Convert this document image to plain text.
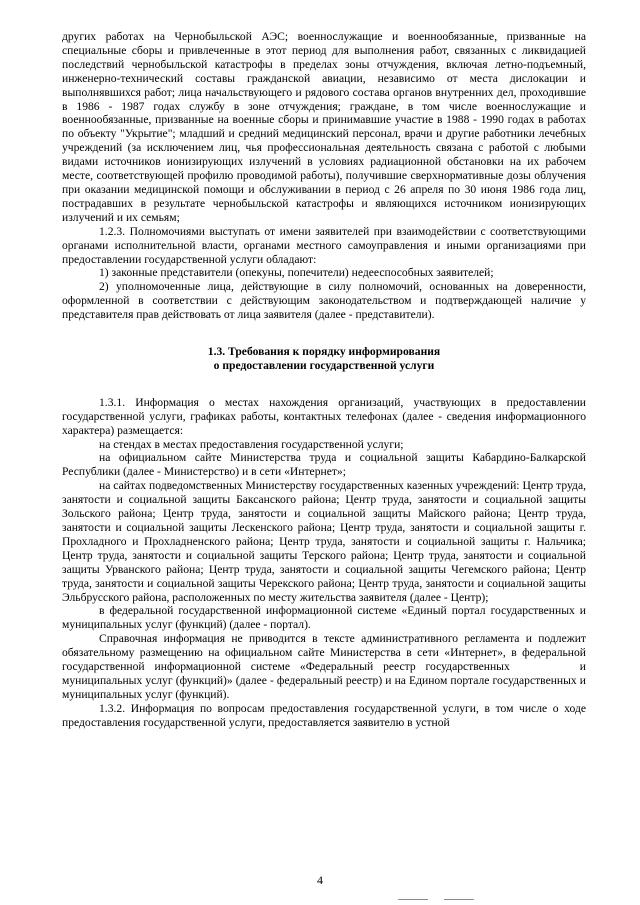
других работах на Чернобыльской АЭС; военнослужащие и военнообязанные, призванные на специальные сборы и привлеченные в этот период для выполнения работ, связанных с ликвидацией последствий чернобыльской катастрофы в пределах зоны отчуждения, включая летно-подъемный, инженерно-технический составы гражданской авиации, независимо от места дислокации и выполнявшихся работ; лица начальствующего и рядового состава органов внутренних дел, проходившие в 1986 - 1987 годах службу в зоне отчуждения; граждане, в том числе военнослужащие и военнообязанные, призванные на военные сборы и принимавшие участие в 1988 - 1990 годах в работах по объекту "Укрытие"; младший и средний медицинский персонал, врачи и другие работники лечебных учреждений (за исключением лиц, чья профессиональная деятельность связана с работой с любыми видами источников ионизирующих излучений в условиях радиационной обстановки на их рабочем месте, соответствующей профилю проводимой работы), получившие сверхнормативные дозы облучения при оказании медицинской помощи и обслуживании в период с 26 апреля по 30 июня 1986 года лиц, пострадавших в результате чернобыльской катастрофы и являющихся источником ионизирующих излучений и их семьям;

1.2.3. Полномочиями выступать от имени заявителей при взаимодействии с соответствующими органами исполнительной власти, органами местного самоуправления и иными организациями при предоставлении государственной услуги обладают:

1) законные представители (опекуны, попечители) недееспособных заявителей;

2) уполномоченные лица, действующие в силу полномочий, основанных на доверенности, оформленной в соответствии с действующим законодательством и подтверждающей наличие у представителя прав действовать от лица заявителя (далее - представители).

1.3. Требования к порядку информирования
о предоставлении государственной услуги

1.3.1. Информация о местах нахождения организаций, участвующих в предоставлении государственной услуги, графиках работы, контактных телефонах (далее - сведения информационного характера) размещается:

на стендах в местах предоставления государственной услуги;

на официальном сайте Министерства труда и социальной защиты Кабардино-Балкарской Республики (далее - Министерство) и в сети «Интернет»;

на сайтах подведомственных Министерству государственных казенных учреждений: Центр труда, занятости и социальной защиты Баксанского района; Центр труда, занятости и социальной защиты Зольского района; Центр труда, занятости и социальной защиты Майского района; Центр труда, занятости и социальной защиты Лескенского района; Центр труда, занятости и социальной защиты г. Прохладного и Прохладненского района; Центр труда, занятости и социальной защиты г. Нальчика; Центр труда, занятости и социальной защиты Терского района; Центр труда, занятости и социальной защиты Урванского района; Центр труда, занятости и социальной защиты Чегемского района; Центр труда, занятости и социальной защиты Черекского района; Центр труда, занятости и социальной защиты Эльбрусского района, расположенных по месту жительства заявителя (далее - Центр);

в федеральной государственной информационной системе «Единый портал государственных и муниципальных услуг (функций) (далее - портал).

Справочная информация не приводится в тексте административного регламента и подлежит обязательному размещению на официальном сайте Министерства в сети «Интернет», в федеральной государственной информационной системе «Федеральный реестр государственных	и муниципальных услуг (функций)» (далее - федеральный реестр) и на Едином портале государственных и муниципальных услуг (функций).

1.3.2. Информация по вопросам предоставления государственной услуги, в том числе о ходе предоставления государственной услуги, предоставляется заявителю в устной

4
